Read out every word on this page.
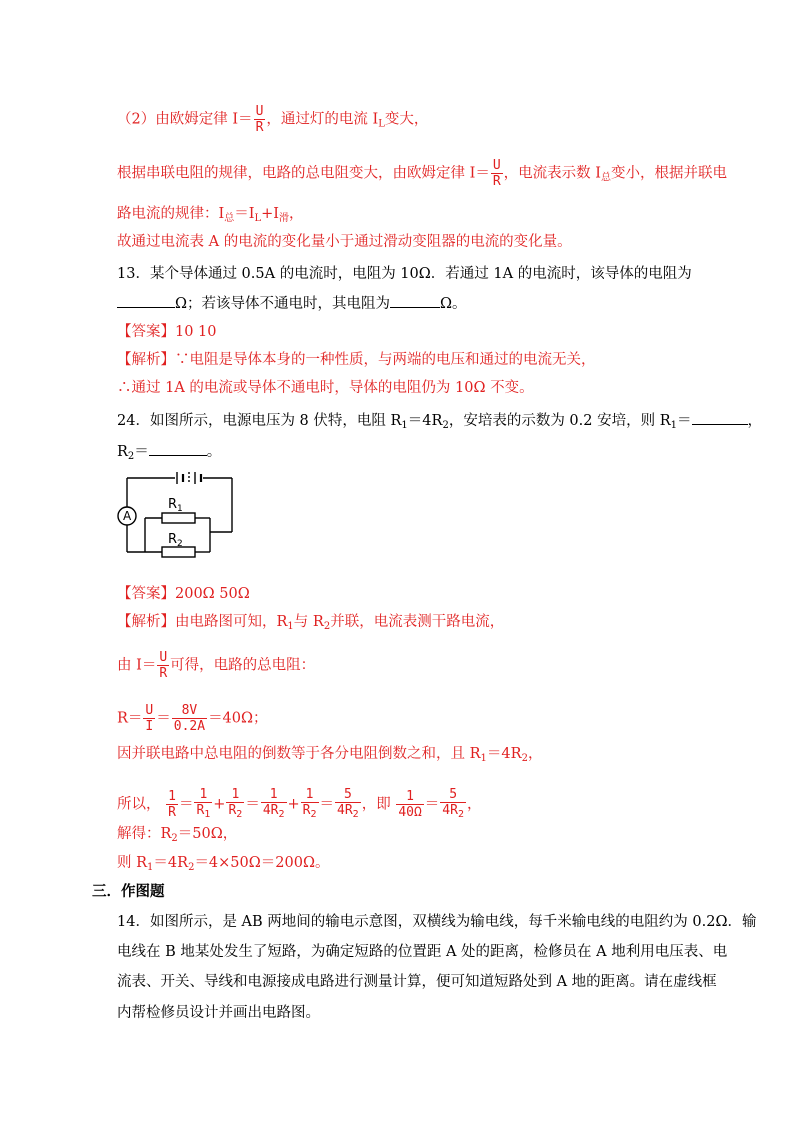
（2）由欧姆定律 $I= \frac{U}{R}$ ，通过灯的电流 $I_L$变大，
根据串联电阻的规律，电路的总电阻变大，由欧姆定律 $I= \frac{U}{R}$ ，电流表示数 $I_总$变小，根据并联电
路电流的规律：$I_总=I_L+I_滑$，
故通过电流表 A 的电流的变化量小于通过滑动变阻器的电流的变化量。
13．某个导体通过 0.5A 的电流时，电阻为 10Ω．若通过 1A 的电流时，该导体的电阻为
Ω；若该导体不通电时，其电阻为	Ω。
【答案】10 10
【解析】∵电阻是导体本身的一种性质，与两端的电压和通过的电流无关，
∴通过 1A 的电流或导体不通电时，导体的电阻仍为 10Ω 不变。
24．如图所示，电源电压为 8 伏特，电阻 $R_1=4R_2$，安培表的示数为 0.2 安培，则 $R_1=$	，
$R_2=$	。
A
$R_1$
$R_2$
【答案】200Ω 50Ω
【解析】由电路图可知，$R_1$与 $R_2$并联，电流表测干路电流，
由 $I= \frac{U}{R}$ 可得，电路的总电阻：
$R= \frac{U}{I} = \frac{8V}{0.2A} =40\Omega$；
因并联电路中总电阻的倒数等于各分电阻倒数之和，且 $R_1=4R_2$，
所以， $\frac{1}{R} = \frac{1}{R_1} + \frac{1}{R_2} = \frac{1}{4R_2} + \frac{1}{R_2} = \frac{5}{4R_2}$ ，即 $\frac{1}{40\Omega} = \frac{5}{4R_2}$ ，
解得：$R_2=50\Omega$，
则 $R_1=4R_2=4\times 50\Omega=200\Omega$。
三．作图题
14．如图所示，是 AB 两地间的输电示意图，双横线为输电线，每千米输电线的电阻约为 0.2Ω．输
电线在 B 地某处发生了短路，为确定短路的位置距 A 处的距离，检修员在 A 地利用电压表、电
流表、开关、导线和电源接成电路进行测量计算，便可知道短路处到 A 地的距离。请在虚线框
内帮检修员设计并画出电路图。
